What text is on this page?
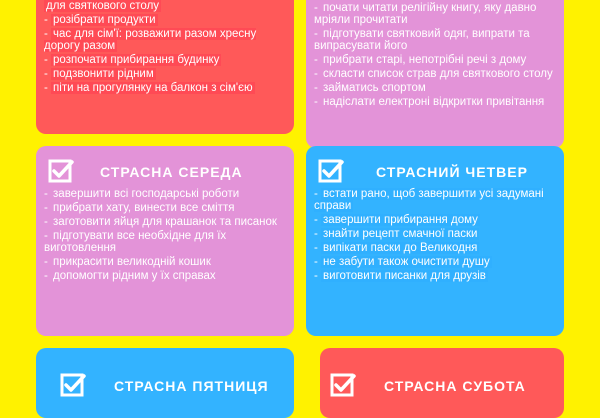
для святкового столу
- розібрати продукти
- час для сім'ї: розважити разом хресну дорогу разом
- розпочати прибирання будинку
- подзвонити рідним
- піти на прогулянку на балкон з сім'єю
- почати читати релігійну книгу, яку давно мріяли прочитати
- підготувати святковий одяг, випрати та випрасувати його
- прибрати старі, непотрібні речі з дому
- скласти список страв для святкового столу
- займатись спортом
- надіслати електроні відкритки привітання
СТРАСНА СЕРЕДА
- завершити всі господарські роботи
- прибрати хату, винести все сміття
- заготовити яйця для крашанок та писанок
- підготувати все необхідне для їх виготовлення
- прикрасити великодній кошик
- допомогти рідним у їх справах
СТРАСНИЙ ЧЕТВЕР
- встати рано, щоб завершити усі задумані справи
- завершити прибирання дому
- знайти рецепт смачної паски
- випікати паски до Великодня
- не забути також очистити душу
- виготовити писанки для друзів
СТРАСНА ПЯТНИЦЯ	СТРАСНА СУБОТА
